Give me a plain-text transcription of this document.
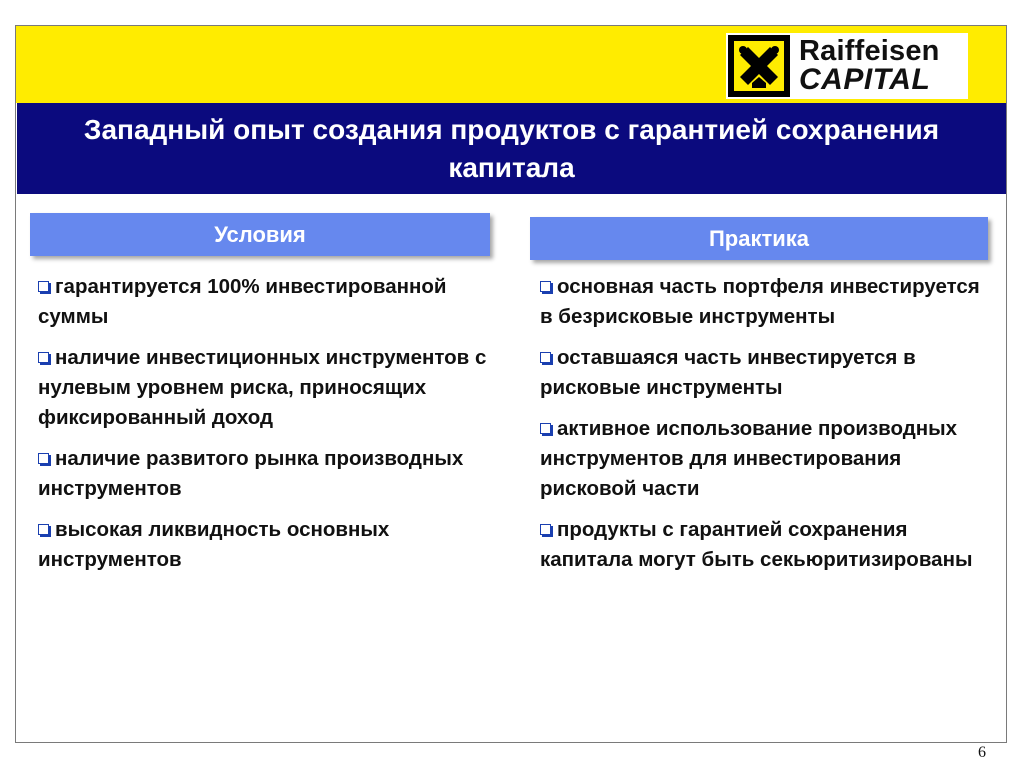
Raiffeisen
CAPITAL
Западный опыт создания продуктов с гарантией сохранения капитала
Условия	Практика
гарантируется 100% инвестированной суммы
наличие инвестиционных инструментов с нулевым уровнем риска, приносящих фиксированный доход
наличие развитого рынка производных инструментов
высокая ликвидность основных инструментов
основная часть портфеля инвестируется в безрисковые инструменты
оставшаяся часть инвестируется в рисковые инструменты
активное использование производных инструментов для инвестирования рисковой части
продукты с гарантией сохранения капитала могут быть секьюритизированы
6
